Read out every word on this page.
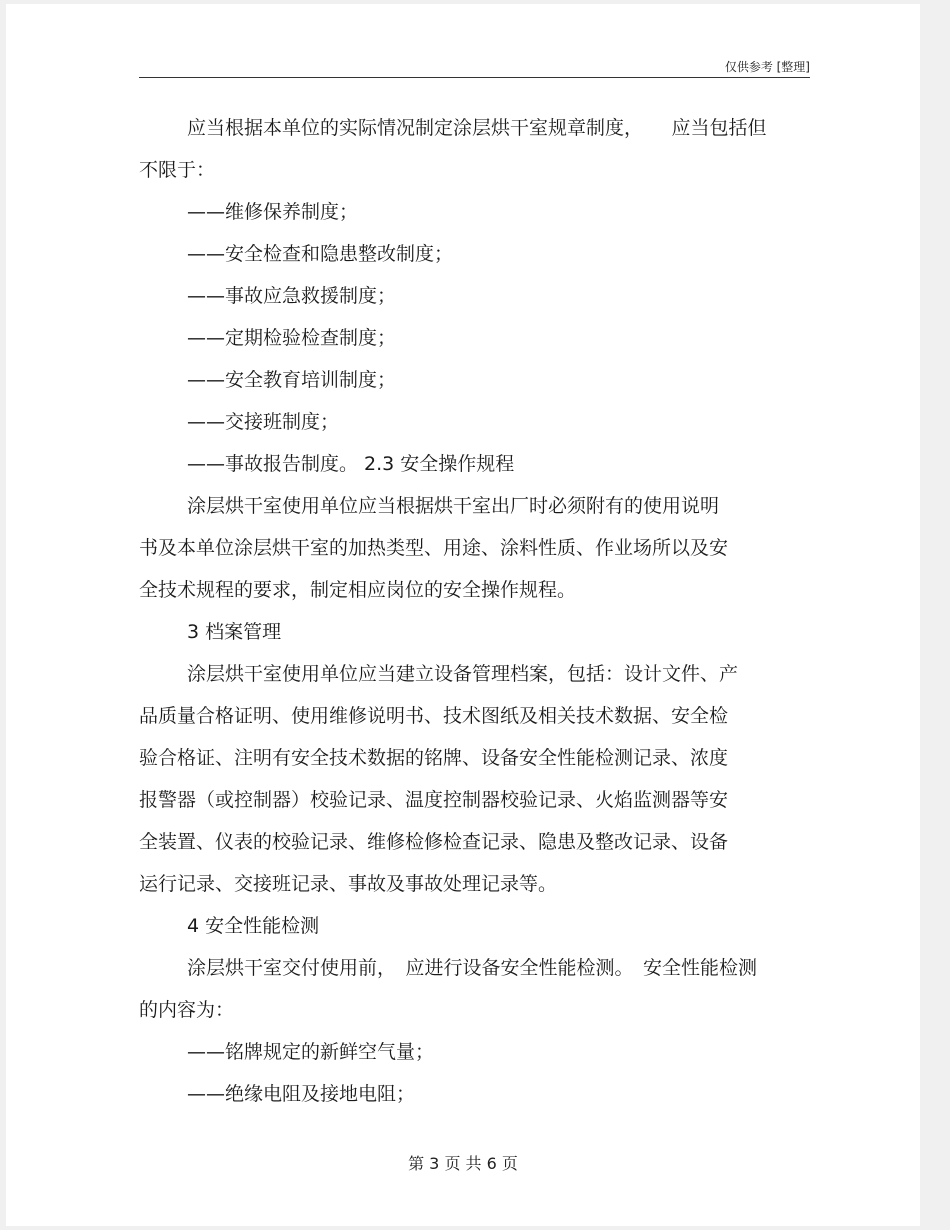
仅供参考 [整理]
应当根据本单位的实际情况制定涂层烘干室规章制度，　　应当包括但
不限于：
——维修保养制度；
——安全检查和隐患整改制度；
——事故应急救援制度；
——定期检验检查制度；
——安全教育培训制度；
——交接班制度；
——事故报告制度。 2.3 安全操作规程
涂层烘干室使用单位应当根据烘干室出厂时必须附有的使用说明
书及本单位涂层烘干室的加热类型、用途、涂料性质、作业场所以及安
全技术规程的要求，制定相应岗位的安全操作规程。
3 档案管理
涂层烘干室使用单位应当建立设备管理档案，包括：设计文件、产
品质量合格证明、使用维修说明书、技术图纸及相关技术数据、安全检
验合格证、注明有安全技术数据的铭牌、设备安全性能检测记录、浓度
报警器（或控制器）校验记录、温度控制器校验记录、火焰监测器等安
全装置、仪表的校验记录、维修检修检查记录、隐患及整改记录、设备
运行记录、交接班记录、事故及事故处理记录等。
4 安全性能检测
涂层烘干室交付使用前，　应进行设备安全性能检测。　安全性能检测
的内容为：
——铭牌规定的新鲜空气量；
——绝缘电阻及接地电阻；
第 3 页 共 6 页
